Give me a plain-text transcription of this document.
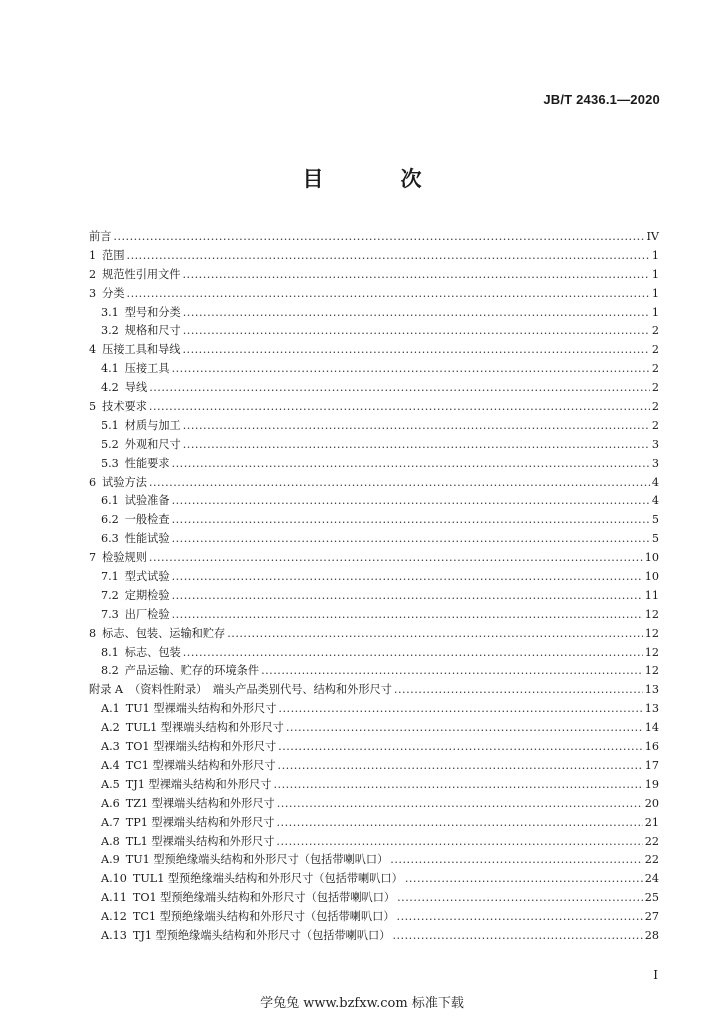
JB/T 2436.1—2020
目　次
前言 .....	IV
1 范围 .....	1
2 规范性引用文件 .....	1
3 分类 .....	1
3.1 型号和分类 .....	1
3.2 规格和尺寸 .....	2
4 压接工具和导线 .....	2
4.1 压接工具 .....	2
4.2 导线 .....	2
5 技术要求 .....	2
5.1 材质与加工 .....	2
5.2 外观和尺寸 .....	3
5.3 性能要求 .....	3
6 试验方法 .....	4
6.1 试验准备 .....	4
6.2 一般检查 .....	5
6.3 性能试验 .....	5
7 检验规则 .....	10
7.1 型式试验 .....	10
7.2 定期检验 .....	11
7.3 出厂检验 .....	12
8 标志、包装、运输和贮存 .....	12
8.1 标志、包装 .....	12
8.2 产品运输、贮存的环境条件 .....	12
附录 A （资料性附录）　端头产品类别代号、结构和外形尺寸 .....	13
A.1 TU1 型裸端头结构和外形尺寸 .....	13
A.2 TUL1 型裸端头结构和外形尺寸 .....	14
A.3 TO1 型裸端头结构和外形尺寸 .....	16
A.4 TC1 型裸端头结构和外形尺寸 .....	17
A.5 TJ1 型裸端头结构和外形尺寸 .....	19
A.6 TZ1 型裸端头结构和外形尺寸 .....	20
A.7 TP1 型裸端头结构和外形尺寸 .....	21
A.8 TL1 型裸端头结构和外形尺寸 .....	22
A.9 TU1 型预绝缘端头结构和外形尺寸（包括带喇叭口） .....	22
A.10 TUL1 型预绝缘端头结构和外形尺寸（包括带喇叭口） .....	24
A.11 TO1 型预绝缘端头结构和外形尺寸（包括带喇叭口） .....	25
A.12 TC1 型预绝缘端头结构和外形尺寸（包括带喇叭口） .....	27
A.13 TJ1 型预绝缘端头结构和外形尺寸（包括带喇叭口） .....	28
I
学兔兔 www.bzfxw.com 标准下载
